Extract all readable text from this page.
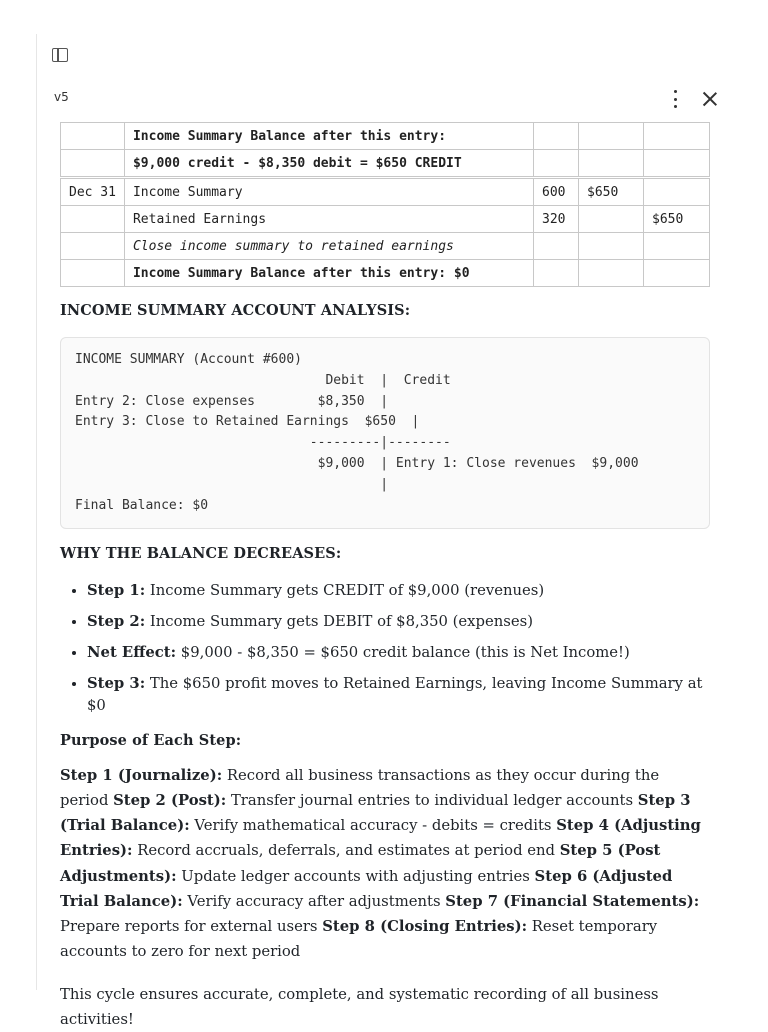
v5
	Income Summary Balance after this entry:			
	$9,000 credit - $8,350 debit = $650 CREDIT			
Dec 31	Income Summary	600	$650	
	Retained Earnings	320		$650
	Close income summary to retained earnings			
	Income Summary Balance after this entry: $0			
INCOME SUMMARY ACCOUNT ANALYSIS:
INCOME SUMMARY (Account #600)
Debit  |  Credit
Entry 2: Close expenses        $8,350  |
Entry 3: Close to Retained Earnings  $650  |
---------|--------
$9,000  | Entry 1: Close revenues  $9,000
|
Final Balance: $0
WHY THE BALANCE DECREASES:
• Step 1: Income Summary gets CREDIT of $9,000 (revenues)
• Step 2: Income Summary gets DEBIT of $8,350 (expenses)
• Net Effect: $9,000 - $8,350 = $650 credit balance (this is Net Income!)
• Step 3: The $650 profit moves to Retained Earnings, leaving Income Summary at $0
Purpose of Each Step:

Step 1 (Journalize): Record all business transactions as they occur during the period Step 2 (Post): Transfer journal entries to individual ledger accounts Step 3 (Trial Balance): Verify mathematical accuracy - debits = credits Step 4 (Adjusting Entries): Record accruals, deferrals, and estimates at period end Step 5 (Post Adjustments): Update ledger accounts with adjusting entries Step 6 (Adjusted Trial Balance): Verify accuracy after adjustments Step 7 (Financial Statements): Prepare reports for external users Step 8 (Closing Entries): Reset temporary accounts to zero for next period

This cycle ensures accurate, complete, and systematic recording of all business activities!
